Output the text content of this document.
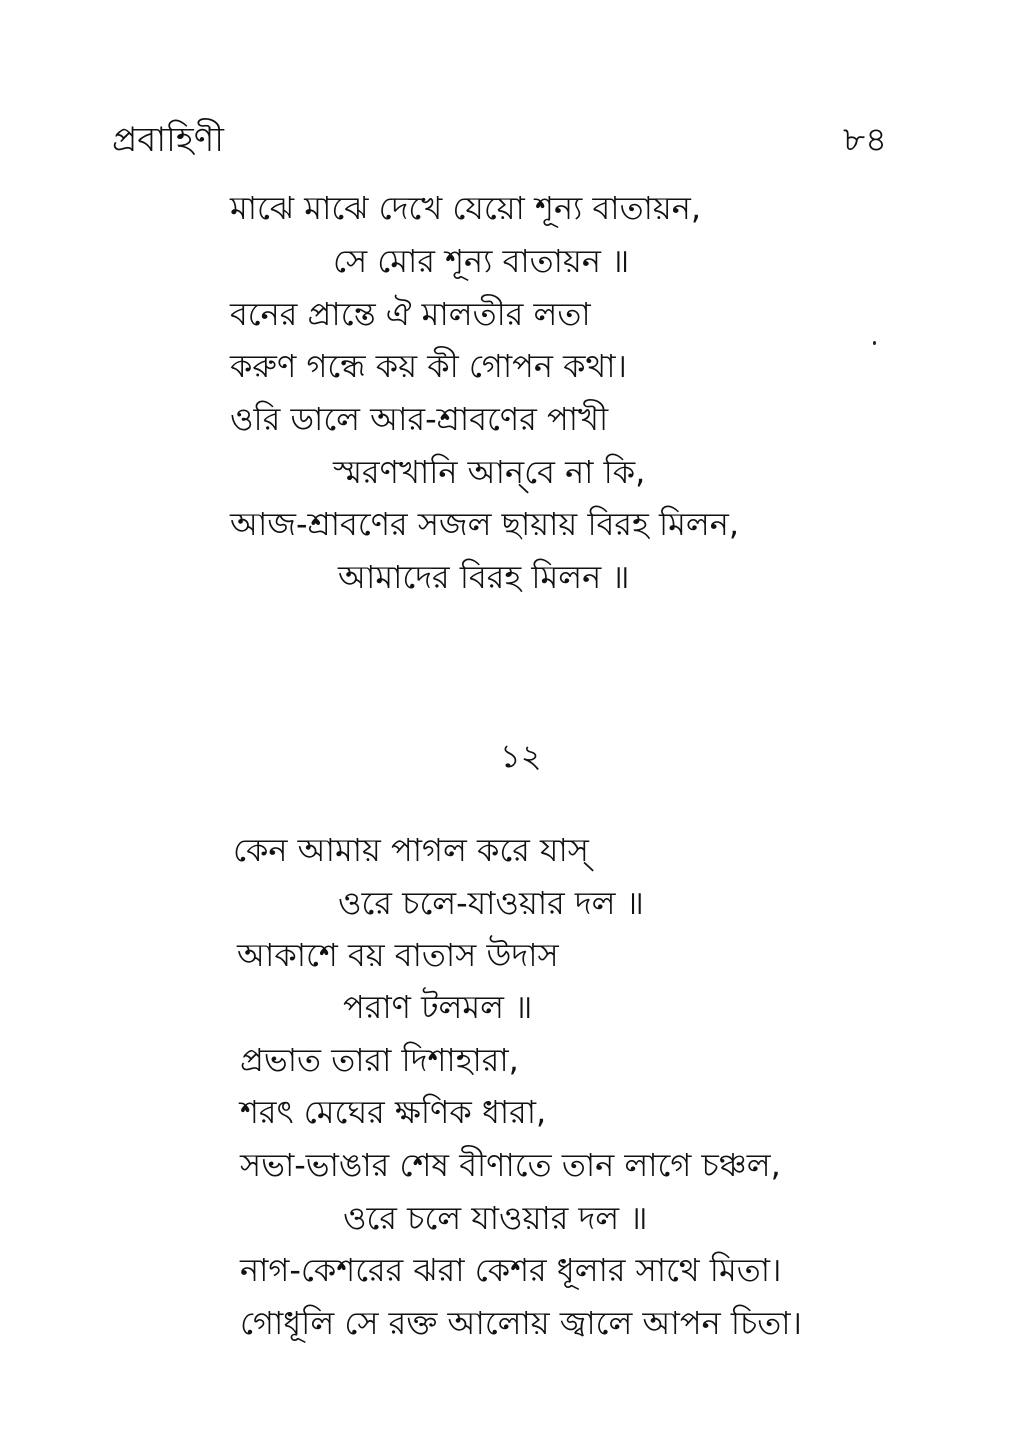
প্রবাহিণী	৮৪
মাঝে মাঝে দেখে যেয়ো শূন্য বাতায়ন,
সে মোর শূন্য বাতায়ন ॥
বনের প্রান্তে ঐ মালতীর লতা
করুণ গন্ধে কয় কী গোপন কথা।
ওরি ডালে আর-শ্রাবণের পাখী
স্মরণখানি আন্‌বে না কি,
আজ-শ্রাবণের সজল ছায়ায় বিরহ মিলন,
আমাদের বিরহ মিলন ॥
১২
কেন আমায় পাগল করে যাস্‌
ওরে চলে-যাওয়ার দল ॥
আকাশে বয় বাতাস উদাস
পরাণ টলমল ॥
প্রভাত তারা দিশাহারা,
শরৎ মেঘের ক্ষণিক ধারা,
সভা-ভাঙার শেষ বীণাতে তান লাগে চঞ্চল,
ওরে চলে যাওয়ার দল ॥
নাগ-কেশরের ঝরা কেশর ধূলার সাথে মিতা।
গোধূলি সে রক্ত আলোয় জ্বালে আপন চিতা।
